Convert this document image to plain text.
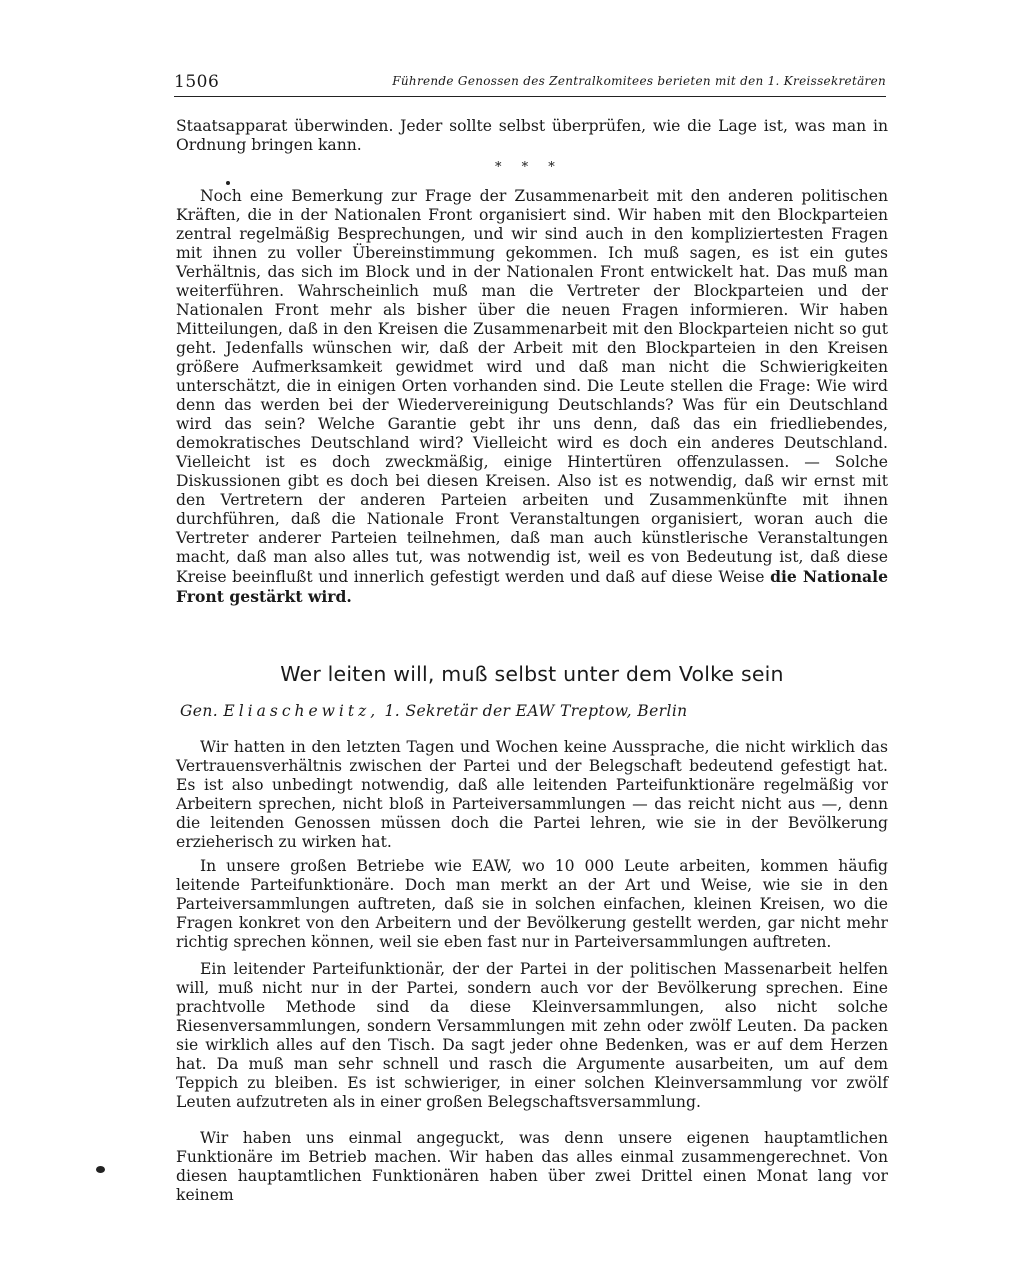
1506	Führende Genossen des Zentralkomitees berieten mit den 1. Kreissekretären

Staatsapparat überwinden. Jeder sollte selbst überprüfen, wie die Lage ist, was man in Ordnung bringen kann.

* * *

Noch eine Bemerkung zur Frage der Zusammenarbeit mit den anderen politischen Kräften, die in der Nationalen Front organisiert sind. Wir haben mit den Blockparteien zentral regelmäßig Besprechungen, und wir sind auch in den kompliziertesten Fragen mit ihnen zu voller Übereinstimmung gekommen. Ich muß sagen, es ist ein gutes Verhältnis, das sich im Block und in der Nationalen Front entwickelt hat. Das muß man weiterführen. Wahrscheinlich muß man die Vertreter der Blockparteien und der Nationalen Front mehr als bisher über die neuen Fragen informieren. Wir haben Mitteilungen, daß in den Kreisen die Zusammenarbeit mit den Blockparteien nicht so gut geht. Jedenfalls wünschen wir, daß der Arbeit mit den Blockparteien in den Kreisen größere Aufmerksamkeit gewidmet wird und daß man nicht die Schwierigkeiten unterschätzt, die in einigen Orten vorhanden sind. Die Leute stellen die Frage: Wie wird denn das werden bei der Wiedervereinigung Deutschlands? Was für ein Deutschland wird das sein? Welche Garantie gebt ihr uns denn, daß das ein friedliebendes, demokratisches Deutschland wird? Vielleicht wird es doch ein anderes Deutschland. Vielleicht ist es doch zweckmäßig, einige Hintertüren offenzulassen. — Solche Diskussionen gibt es doch bei diesen Kreisen. Also ist es notwendig, daß wir ernst mit den Vertretern der anderen Parteien arbeiten und Zusammenkünfte mit ihnen durchführen, daß die Nationale Front Veranstaltungen organisiert, woran auch die Vertreter anderer Parteien teilnehmen, daß man auch künstlerische Veranstaltungen macht, daß man also alles tut, was notwendig ist, weil es von Bedeutung ist, daß diese Kreise beeinflußt und innerlich gefestigt werden und daß auf diese Weise die Nationale Front gestärkt wird.

Wer leiten will, muß selbst unter dem Volke sein
Gen. Eliaschewitz, 1. Sekretär der EAW Treptow, Berlin

Wir hatten in den letzten Tagen und Wochen keine Aussprache, die nicht wirklich das Vertrauensverhältnis zwischen der Partei und der Belegschaft bedeutend gefestigt hat. Es ist also unbedingt notwendig, daß alle leitenden Parteifunktionäre regelmäßig vor Arbeitern sprechen, nicht bloß in Parteiversammlungen — das reicht nicht aus —, denn die leitenden Genossen müssen doch die Partei lehren, wie sie in der Bevölkerung erzieherisch zu wirken hat.

In unsere großen Betriebe wie EAW, wo 10 000 Leute arbeiten, kommen häufig leitende Parteifunktionäre. Doch man merkt an der Art und Weise, wie sie in den Parteiversammlungen auftreten, daß sie in solchen einfachen, kleinen Kreisen, wo die Fragen konkret von den Arbeitern und der Bevölkerung gestellt werden, gar nicht mehr richtig sprechen können, weil sie eben fast nur in Parteiversammlungen auftreten.

Ein leitender Parteifunktionär, der der Partei in der politischen Massenarbeit helfen will, muß nicht nur in der Partei, sondern auch vor der Bevölkerung sprechen. Eine prachtvolle Methode sind da diese Kleinversammlungen, also nicht solche Riesenversammlungen, sondern Versammlungen mit zehn oder zwölf Leuten. Da packen sie wirklich alles auf den Tisch. Da sagt jeder ohne Bedenken, was er auf dem Herzen hat. Da muß man sehr schnell und rasch die Argumente ausarbeiten, um auf dem Teppich zu bleiben. Es ist schwieriger, in einer solchen Kleinversammlung vor zwölf Leuten aufzutreten als in einer großen Belegschaftsversammlung.

Wir haben uns einmal angeguckt, was denn unsere eigenen hauptamtlichen Funktionäre im Betrieb machen. Wir haben das alles einmal zusammengerechnet. Von diesen hauptamtlichen Funktionären haben über zwei Drittel einen Monat lang vor keinem
